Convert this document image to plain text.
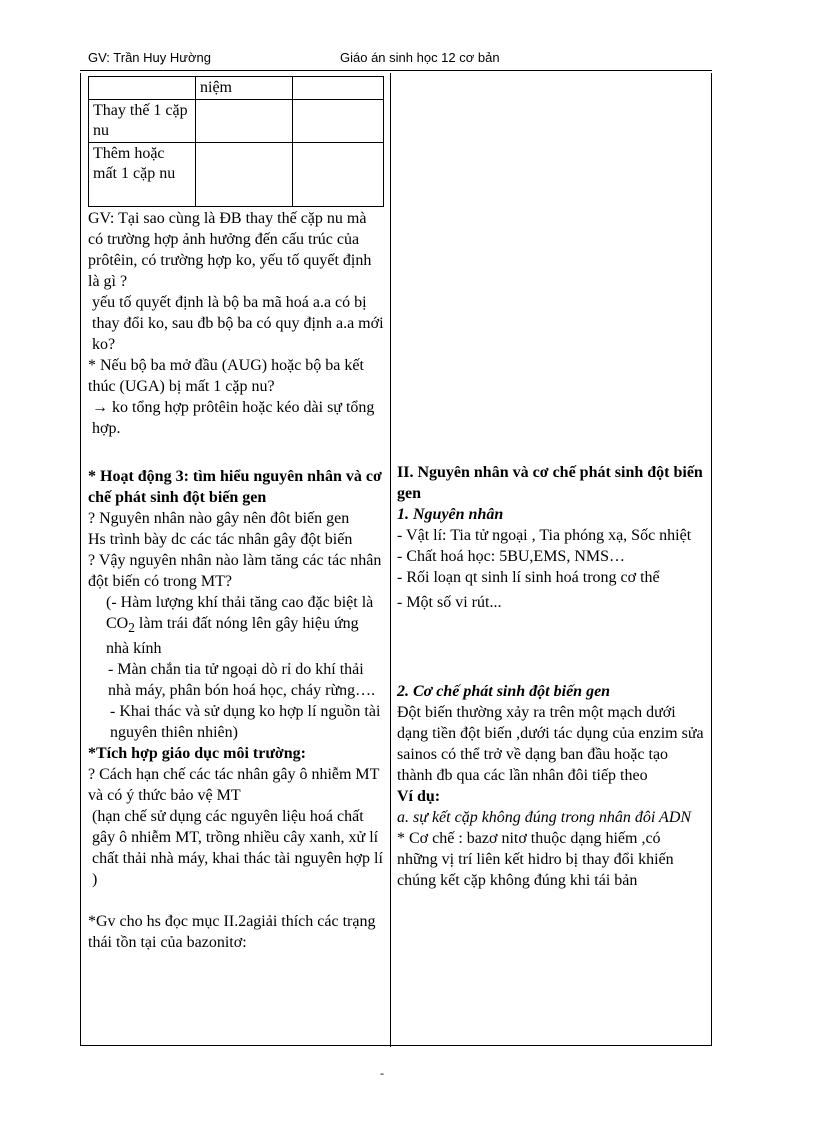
GV: Trần Huy Hường	Giáo án sinh học 12 cơ bản
	niệm	
Thay thế 1 cặp nu		
Thêm hoặc mất 1 cặp nu		

GV: Tại sao cùng là ĐB thay thế cặp nu mà có trường hợp ảnh hưởng đến cấu trúc của prôtêin, có trường hợp ko, yếu tố quyết định là gì ?

yếu tố quyết định là bộ ba mã hoá a.a có bị thay đổi ko, sau đb bộ ba có quy định a.a mới ko?

* Nếu bộ ba mở đầu (AUG) hoặc bộ ba kết thúc (UGA) bị mất 1 cặp nu?

→ ko tổng hợp prôtêin hoặc kéo dài sự tổng hợp.

* Hoạt động 3: tìm hiểu nguyên nhân và cơ chế phát sinh đột biến gen

? Nguyên nhân nào gây nên đôt biến gen

Hs trình bày dc các tác nhân gây đột biến

? Vậy nguyên nhân nào làm tăng các tác nhân đột biến có trong MT?

(- Hàm lượng khí thải tăng cao đặc biệt là $CO_2$ làm trái đất nóng lên gây hiệu ứng nhà kính

- Màn chắn tia tử ngoại dò rỉ do khí thải nhà máy, phân bón hoá học, cháy rừng….

- Khai thác và sử dụng ko hợp lí nguồn tài nguyên thiên nhiên)

*Tích hợp giáo dục môi trường:

? Cách hạn chế các tác nhân gây ô nhiễm MT và có ý thức bảo vệ MT

(hạn chế sử dụng các nguyên liệu hoá chất gây ô nhiễm MT, trồng nhiều cây xanh, xử lí chất thải nhà máy, khai thác tài nguyên hợp lí )

*Gv cho hs đọc mục II.2agiải thích các trạng thái tồn tại của bazonitơ:

II. Nguyên nhân và cơ chế phát sinh đột biến gen

1. Nguyên nhân

- Vật lí: Tia tử ngoại , Tia phóng xạ, Sốc nhiệt

- Chất hoá học: 5BU,EMS, NMS…

- Rối loạn qt sinh lí sinh hoá trong cơ thể

- Một số vi rút...

2. Cơ chế phát sinh đột biến gen

Đột biến thường xảy ra trên một mạch dưới dạng tiền đột biến ,dưới tác dụng của enzim sửa sainos có thể trở về dạng ban đầu hoặc tạo thành đb qua các lần nhân đôi tiếp theo

Ví dụ:

a. sự kết cặp không đúng trong nhân đôi ADN

* Cơ chế : bazơ nitơ thuộc dạng hiếm ,có những vị trí liên kết hidro bị thay đổi khiến chúng kết cặp không đúng khi tái bản

-
